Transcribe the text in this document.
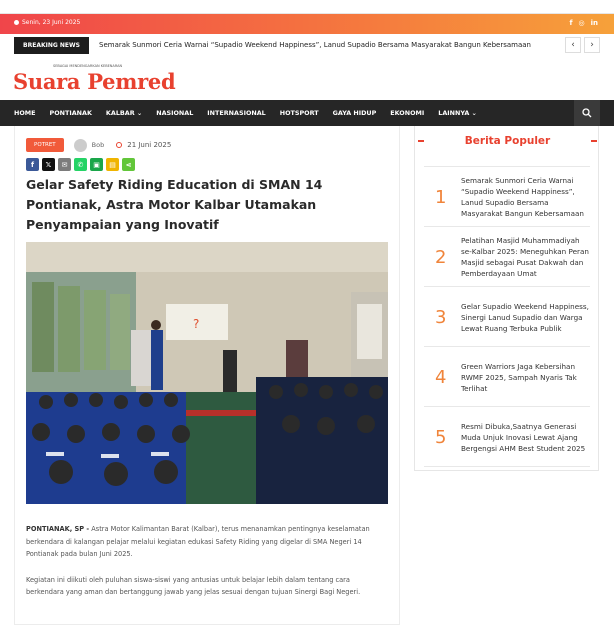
Senin, 23 Juni 2025	f ◎ in
BREAKING NEWS	Semarak Sunmori Ceria Warnai “Supadio Weekend Happiness”, Lanud Supadio Bersama Masyarakat Bangun Kebersamaan	‹	›
SEBAGAI MENDENGARKAN KEBENARAN
Suara Pemred
HOME PONTIANAK KALBAR ⌄ NASIONAL INTERNASIONAL HOTSPORT GAYA HIDUP EKONOMI LAINNYA ⌄
POTRET	Bob	21 Juni 2025
f	𝕏	✉	✆	▣	▤	⋖
Gelar Safety Riding Education di SMAN 14 Pontianak, Astra Motor Kalbar Utamakan Penyampaian yang Inovatif
?

PONTIANAK, SP - Astra Motor Kalimantan Barat (Kalbar), terus menanamkan pentingnya keselamatan berkendara di kalangan pelajar melalui kegiatan edukasi Safety Riding yang digelar di SMA Negeri 14 Pontianak pada bulan Juni 2025.

Kegiatan ini diikuti oleh puluhan siswa-siswi yang antusias untuk belajar lebih dalam tentang cara berkendara yang aman dan bertanggung jawab yang jelas sesuai dengan tujuan Sinergi Bagi Negeri.

Berita Populer
1
Semarak Sunmori Ceria Warnai “Supadio Weekend Happiness”, Lanud Supadio Bersama Masyarakat Bangun Kebersamaan
2
Pelatihan Masjid Muhammadiyah se-Kalbar 2025: Meneguhkan Peran Masjid sebagai Pusat Dakwah dan Pemberdayaan Umat
3
Gelar Supadio Weekend Happiness, Sinergi Lanud Supadio dan Warga Lewat Ruang Terbuka Publik
4
Green Warriors Jaga Kebersihan RWMF 2025, Sampah Nyaris Tak Terlihat
5
Resmi Dibuka,Saatnya Generasi Muda Unjuk Inovasi Lewat Ajang Bergengsi AHM Best Student 2025
